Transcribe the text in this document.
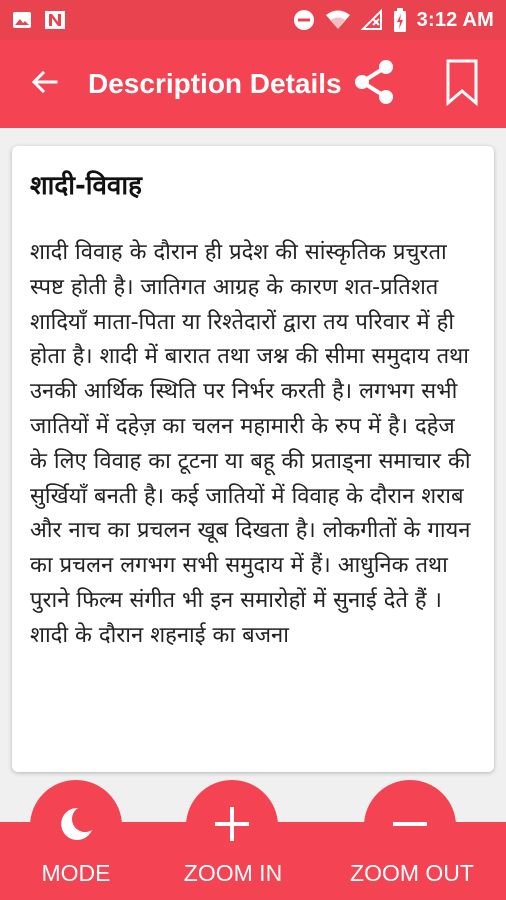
3:12 AM
Description Details
शादी-विवाह
शादी विवाह के दौरान ही प्रदेश की सांस्कृतिक प्रचुरता स्पष्ट होती है। जातिगत आग्रह के कारण शत-प्रतिशत शादियाँ माता-पिता या रिश्तेदारों द्वारा तय परिवार में ही होता है। शादी में बारात तथा जश्न की सीमा समुदाय तथा उनकी आर्थिक स्थिति पर निर्भर करती है। लगभग सभी जातियों में दहेज़ का चलन महामारी के रुप में है। दहेज के लिए विवाह का टूटना या बहू की प्रताड्ना समाचार की सुर्खियाँ बनती है। कई जातियों में विवाह के दौरान शराब और नाच का प्रचलन खूब दिखता है। लोकगीतों के गायन का प्रचलन लगभग सभी समुदाय में हैं। आधुनिक तथा पुराने फिल्म संगीत भी इन समारोहों में सुनाई देते हैं । शादी के दौरान शहनाई का बजना
MODE	ZOOM IN	ZOOM OUT
